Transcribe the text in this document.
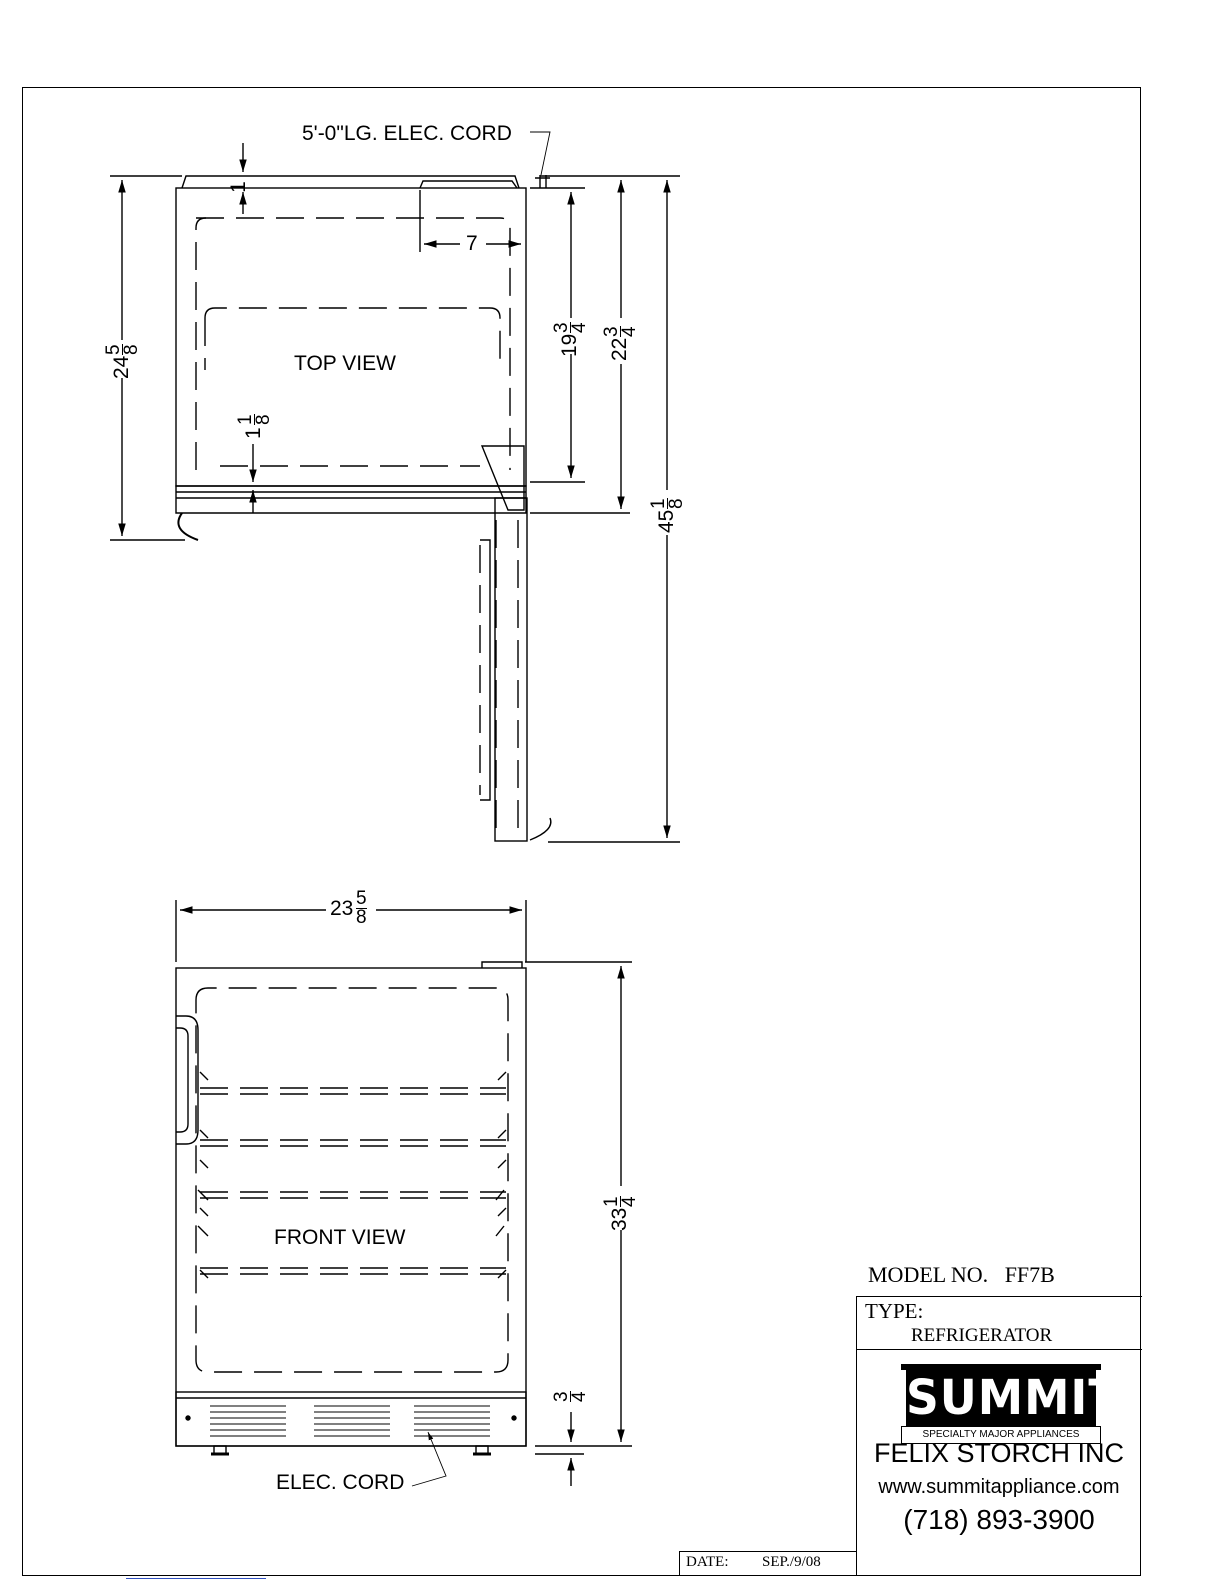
TOP VIEW
5'-0"LG. ELEC. CORD
1
7
24
5
8	19
3
4
22
3
4
1
1
8
45
1
8
FRONT VIEW
ELEC. CORD
23 5
8
33
1
4
3
4
MODEL NO. FF7B
TYPE:
REFRIGERATOR
SUMMIT
SPECIALTY MAJOR APPLIANCES
FELIX STORCH INC
www.summitappliance.com
(718) 893-3900
DATE: SEP./9/08
